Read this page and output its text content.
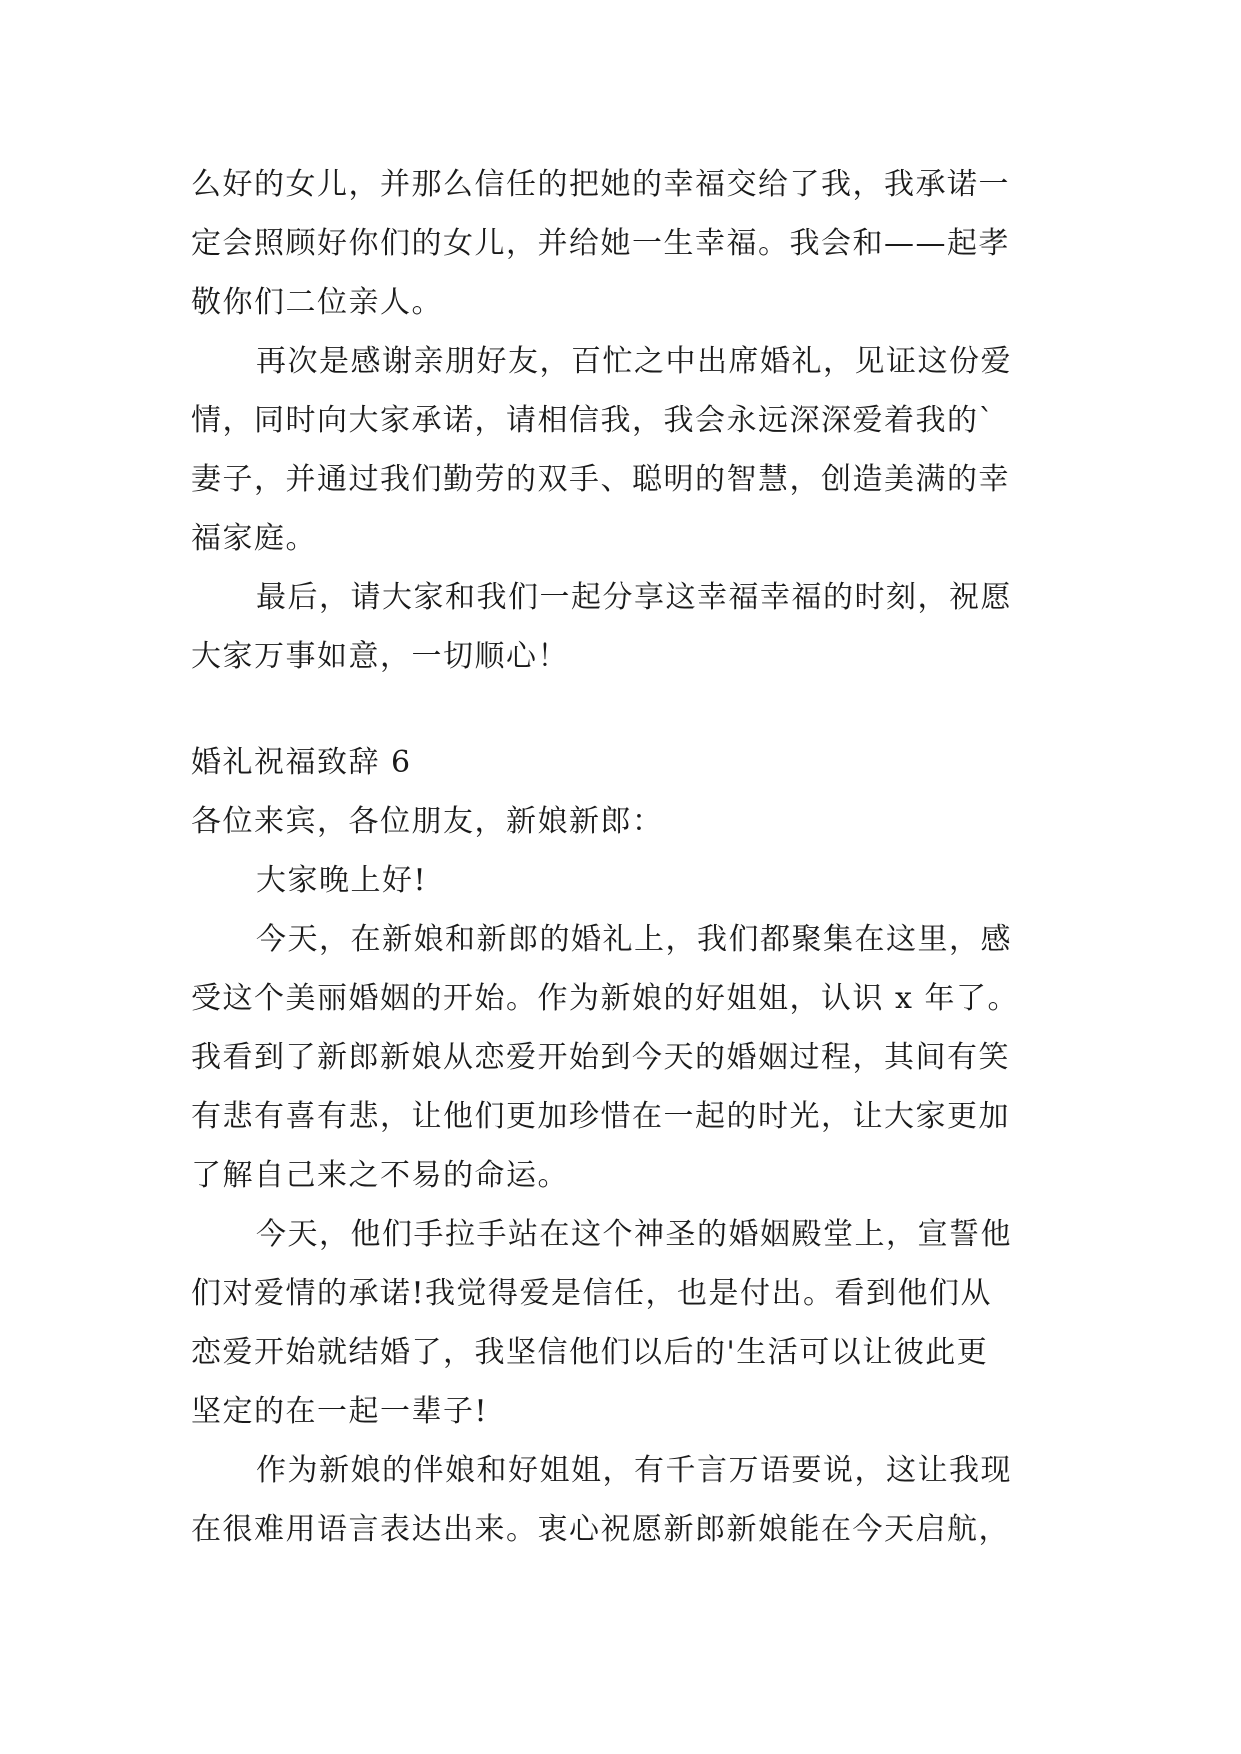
么好的女儿，并那么信任的把她的幸福交给了我，我承诺一
定会照顾好你们的女儿，并给她一生幸福。我会和——起孝
敬你们二位亲人。
再次是感谢亲朋好友，百忙之中出席婚礼，见证这份爱
情，同时向大家承诺，请相信我，我会永远深深爱着我的`
妻子，并通过我们勤劳的双手、聪明的智慧，创造美满的幸
福家庭。
最后，请大家和我们一起分享这幸福幸福的时刻，祝愿
大家万事如意，一切顺心！
婚礼祝福致辞 6
各位来宾，各位朋友，新娘新郎：
大家晚上好!
今天，在新娘和新郎的婚礼上，我们都聚集在这里，感
受这个美丽婚姻的开始。作为新娘的好姐姐，认识 x 年了。
我看到了新郎新娘从恋爱开始到今天的婚姻过程，其间有笑
有悲有喜有悲，让他们更加珍惜在一起的时光，让大家更加
了解自己来之不易的命运。
今天，他们手拉手站在这个神圣的婚姻殿堂上，宣誓他
们对爱情的承诺!我觉得爱是信任，也是付出。看到他们从
恋爱开始就结婚了，我坚信他们以后的'生活可以让彼此更
坚定的在一起一辈子!
作为新娘的伴娘和好姐姐，有千言万语要说，这让我现
在很难用语言表达出来。衷心祝愿新郎新娘能在今天启航，
